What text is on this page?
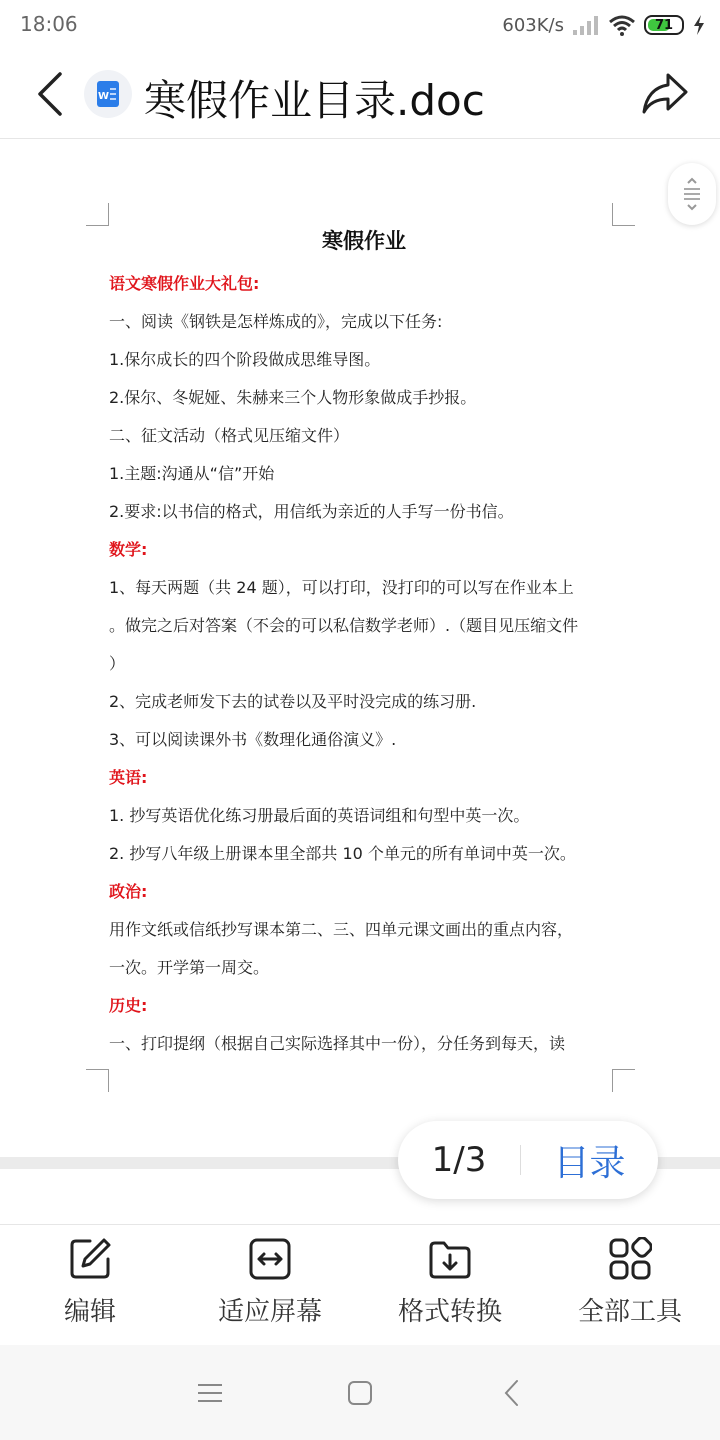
18:06	603K/s	71
W 寒假作业目录.doc
寒假作业
语文寒假作业大礼包:
一、阅读《钢铁是怎样炼成的》，完成以下任务:
1.保尔成长的四个阶段做成思维导图。
2.保尔、冬妮娅、朱赫来三个人物形象做成手抄报。
二、征文活动（格式见压缩文件）
1.主题:沟通从“信”开始
2.要求:以书信的格式，用信纸为亲近的人手写一份书信。
数学:
1、每天两题（共 24 题），可以打印，没打印的可以写在作业本上
。做完之后对答案（不会的可以私信数学老师）.（题目见压缩文件
）
2、完成老师发下去的试卷以及平时没完成的练习册.
3、可以阅读课外书《数理化通俗演义》.
英语:
1. 抄写英语优化练习册最后面的英语词组和句型中英一次。
2. 抄写八年级上册课本里全部共 10 个单元的所有单词中英一次。
政治:
用作文纸或信纸抄写课本第二、三、四单元课文画出的重点内容，
一次。开学第一周交。
历史:
一、打印提纲（根据自己实际选择其中一份），分任务到每天，读
1/3	目录
编辑	适应屏幕	格式转换	全部工具
